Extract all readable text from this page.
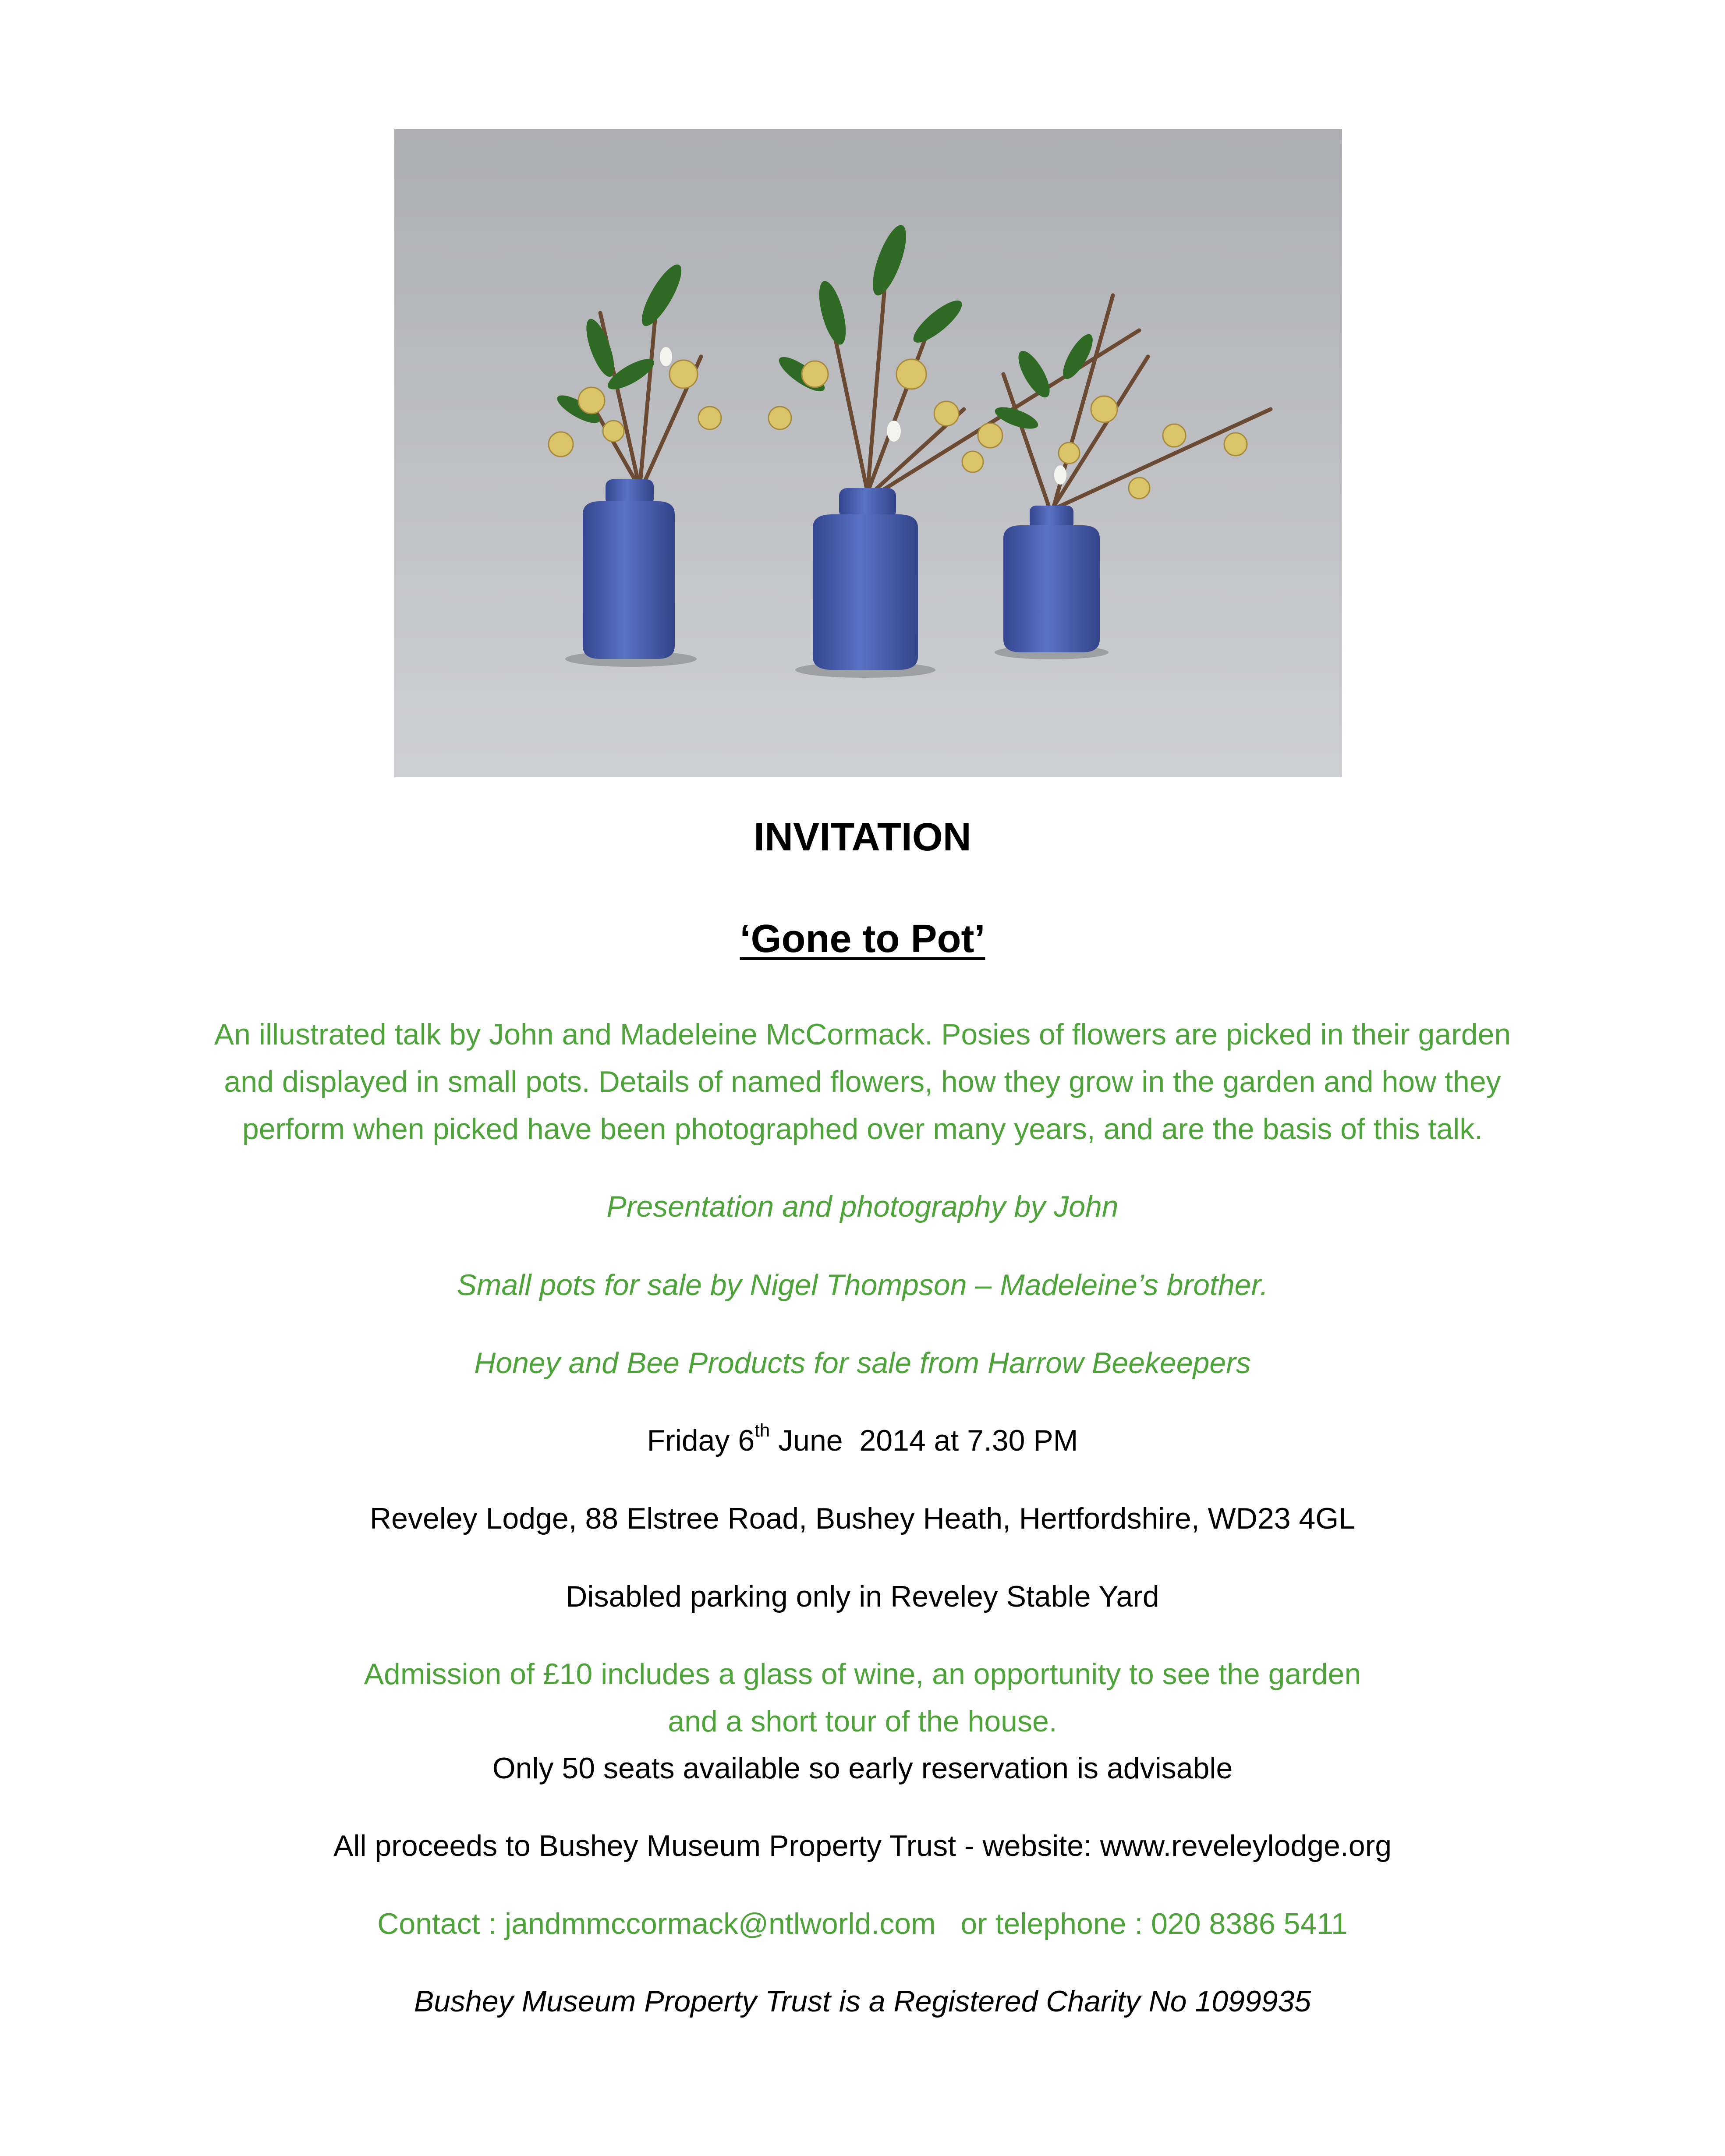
INVITATION
‘Gone to Pot’
An illustrated talk by John and Madeleine McCormack. Posies of flowers are picked in their garden
and displayed in small pots. Details of named flowers, how they grow in the garden and how they
perform when picked have been photographed over many years, and are the basis of this talk.
Presentation and photography by John
Small pots for sale by Nigel Thompson – Madeleine’s brother.
Honey and Bee Products for sale from Harrow Beekeepers
Friday 6th June  2014 at 7.30 PM
Reveley Lodge, 88 Elstree Road, Bushey Heath, Hertfordshire, WD23 4GL
Disabled parking only in Reveley Stable Yard
Admission of £10 includes a glass of wine, an opportunity to see the garden
and a short tour of the house.
Only 50 seats available so early reservation is advisable
All proceeds to Bushey Museum Property Trust - website: www.reveleylodge.org
Contact : jandmmccormack@ntlworld.com   or telephone : 020 8386 5411
Bushey Museum Property Trust is a Registered Charity No 1099935
